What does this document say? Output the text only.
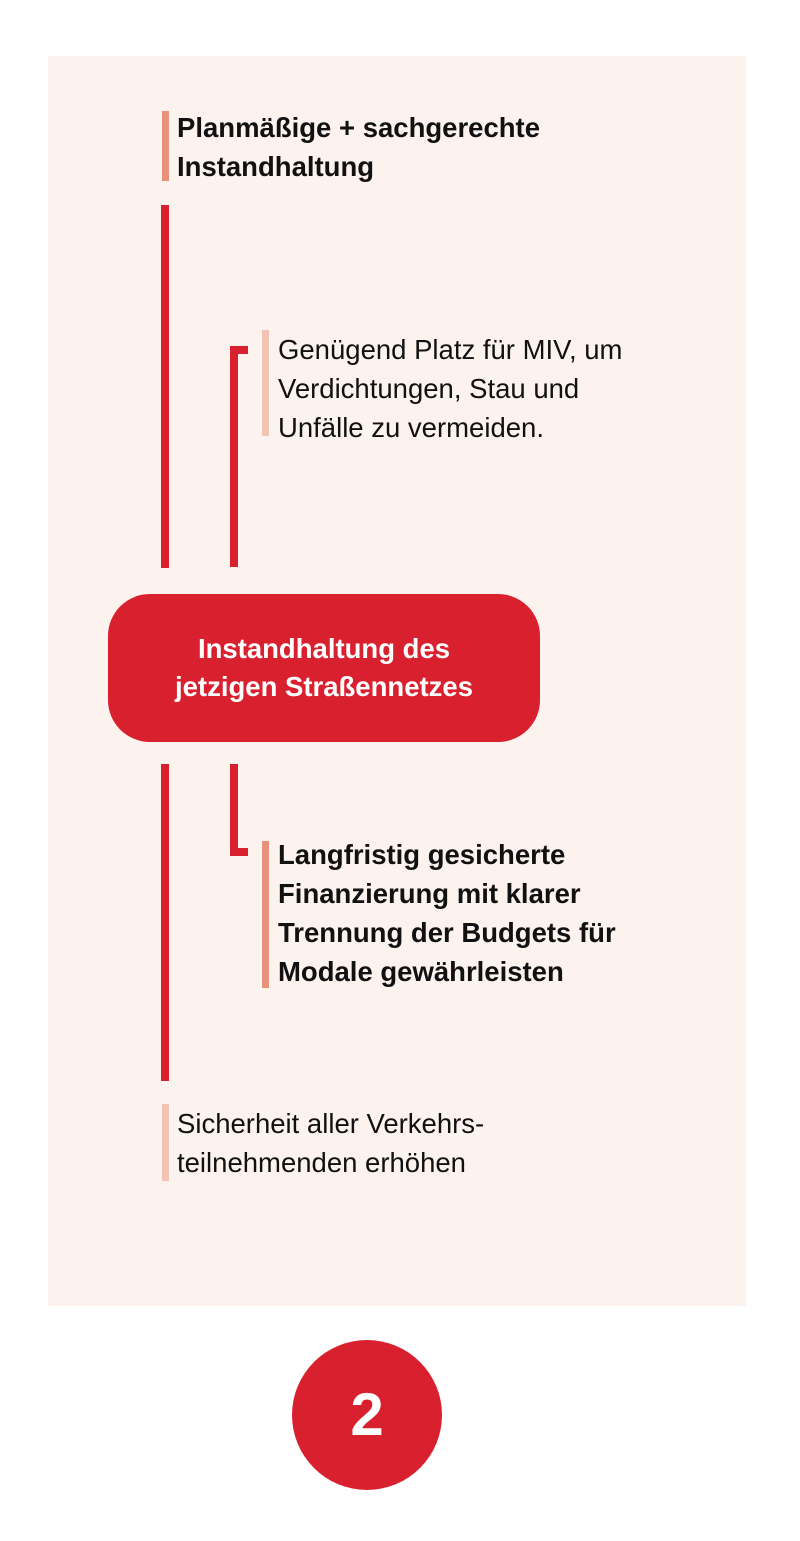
Planmäßige + sachgerechte
Instandhaltung

Genügend Platz für MIV, um
Verdichtungen, Stau und
Unfälle zu vermeiden.

Instandhaltung des
jetzigen Straßennetzes

Langfristig gesicherte
Finanzierung mit klarer
Trennung der Budgets für
Modale gewährleisten

Sicherheit aller Verkehrs-
teilnehmenden erhöhen

2
